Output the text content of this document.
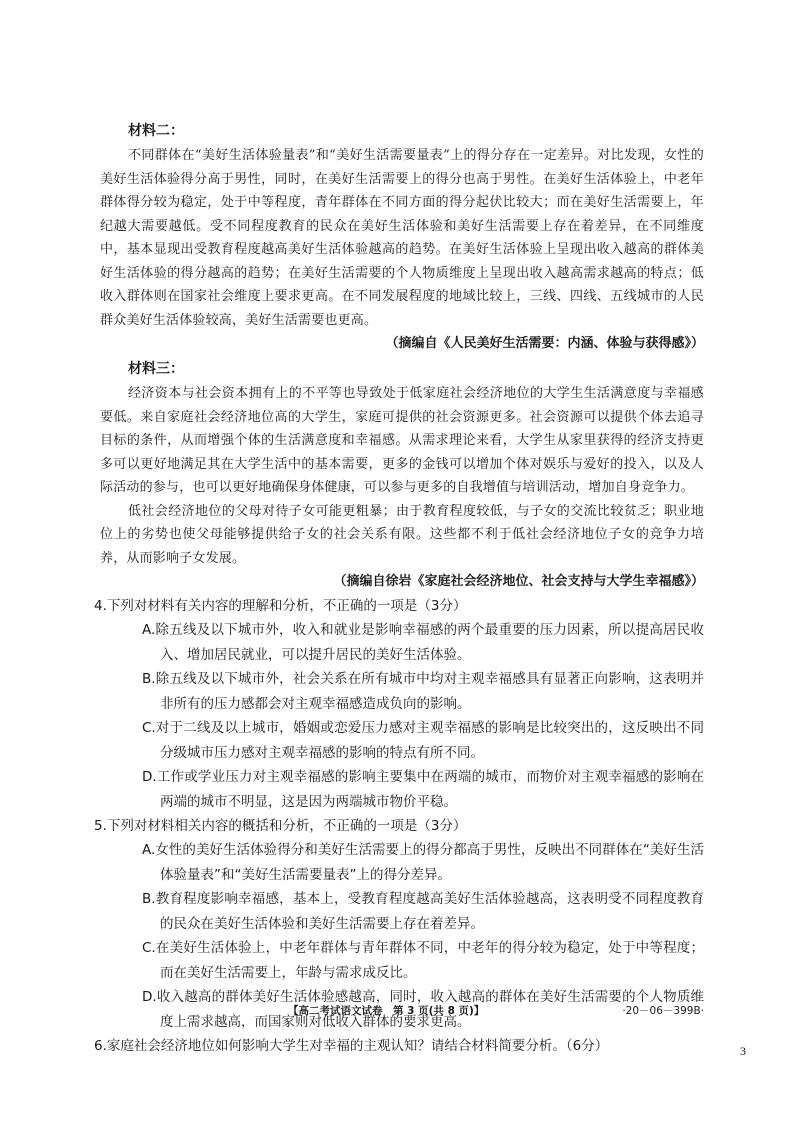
材料二：

不同群体在“美好生活体验量表”和“美好生活需要量表”上的得分存在一定差异。对比发现，女性的美好生活体验得分高于男性，同时，在美好生活需要上的得分也高于男性。在美好生活体验上，中老年群体得分较为稳定，处于中等程度，青年群体在不同方面的得分起伏比较大；而在美好生活需要上，年纪越大需要越低。受不同程度教育的民众在美好生活体验和美好生活需要上存在着差异，在不同维度中，基本显现出受教育程度越高美好生活体验越高的趋势。在美好生活体验上呈现出收入越高的群体美好生活体验的得分越高的趋势；在美好生活需要的个人物质维度上呈现出收入越高需求越高的特点；低收入群体则在国家社会维度上要求更高。在不同发展程度的地域比较上，三线、四线、五线城市的人民群众美好生活体验较高，美好生活需要也更高。

（摘编自《人民美好生活需要：内涵、体验与获得感》）

材料三：

经济资本与社会资本拥有上的不平等也导致处于低家庭社会经济地位的大学生生活满意度与幸福感要低。来自家庭社会经济地位高的大学生，家庭可提供的社会资源更多。社会资源可以提供个体去追寻目标的条件，从而增强个体的生活满意度和幸福感。从需求理论来看，大学生从家里获得的经济支持更多可以更好地满足其在大学生活中的基本需要，更多的金钱可以增加个体对娱乐与爱好的投入，以及人际活动的参与，也可以更好地确保身体健康，可以参与更多的自我增值与培训活动，增加自身竞争力。

低社会经济地位的父母对待子女可能更粗暴；由于教育程度较低，与子女的交流比较贫乏；职业地位上的劣势也使父母能够提供给子女的社会关系有限。这些都不利于低社会经济地位子女的竞争力培养，从而影响子女发展。

（摘编自徐岩《家庭社会经济地位、社会支持与大学生幸福感》）

4.下列对材料有关内容的理解和分析，不正确的一项是（3分）

A.除五线及以下城市外，收入和就业是影响幸福感的两个最重要的压力因素，所以提高居民收入、增加居民就业，可以提升居民的美好生活体验。

B.除五线及以下城市外，社会关系在所有城市中均对主观幸福感具有显著正向影响，这表明并非所有的压力感都会对主观幸福感造成负向的影响。

C.对于二线及以上城市，婚姻或恋爱压力感对主观幸福感的影响是比较突出的，这反映出不同分级城市压力感对主观幸福感的影响的特点有所不同。

D.工作或学业压力对主观幸福感的影响主要集中在两端的城市，而物价对主观幸福感的影响在两端的城市不明显，这是因为两端城市物价平稳。

5.下列对材料相关内容的概括和分析，不正确的一项是（3分）

A.女性的美好生活体验得分和美好生活需要上的得分都高于男性，反映出不同群体在“美好生活体验量表”和“美好生活需要量表”上的得分差异。

B.教育程度影响幸福感，基本上，受教育程度越高美好生活体验越高，这表明受不同程度教育的民众在美好生活体验和美好生活需要上存在着差异。

C.在美好生活体验上，中老年群体与青年群体不同，中老年的得分较为稳定，处于中等程度；而在美好生活需要上，年龄与需求成反比。

D.收入越高的群体美好生活体验感越高，同时，收入越高的群体在美好生活需要的个人物质维度上需求越高，而国家则对低收入群体的要求更高。

6.家庭社会经济地位如何影响大学生对幸福的主观认知？请结合材料简要分析。（6分）

【高二考试语文试卷　第 3 页(共 8 页)】	·20－06－399B·
3
